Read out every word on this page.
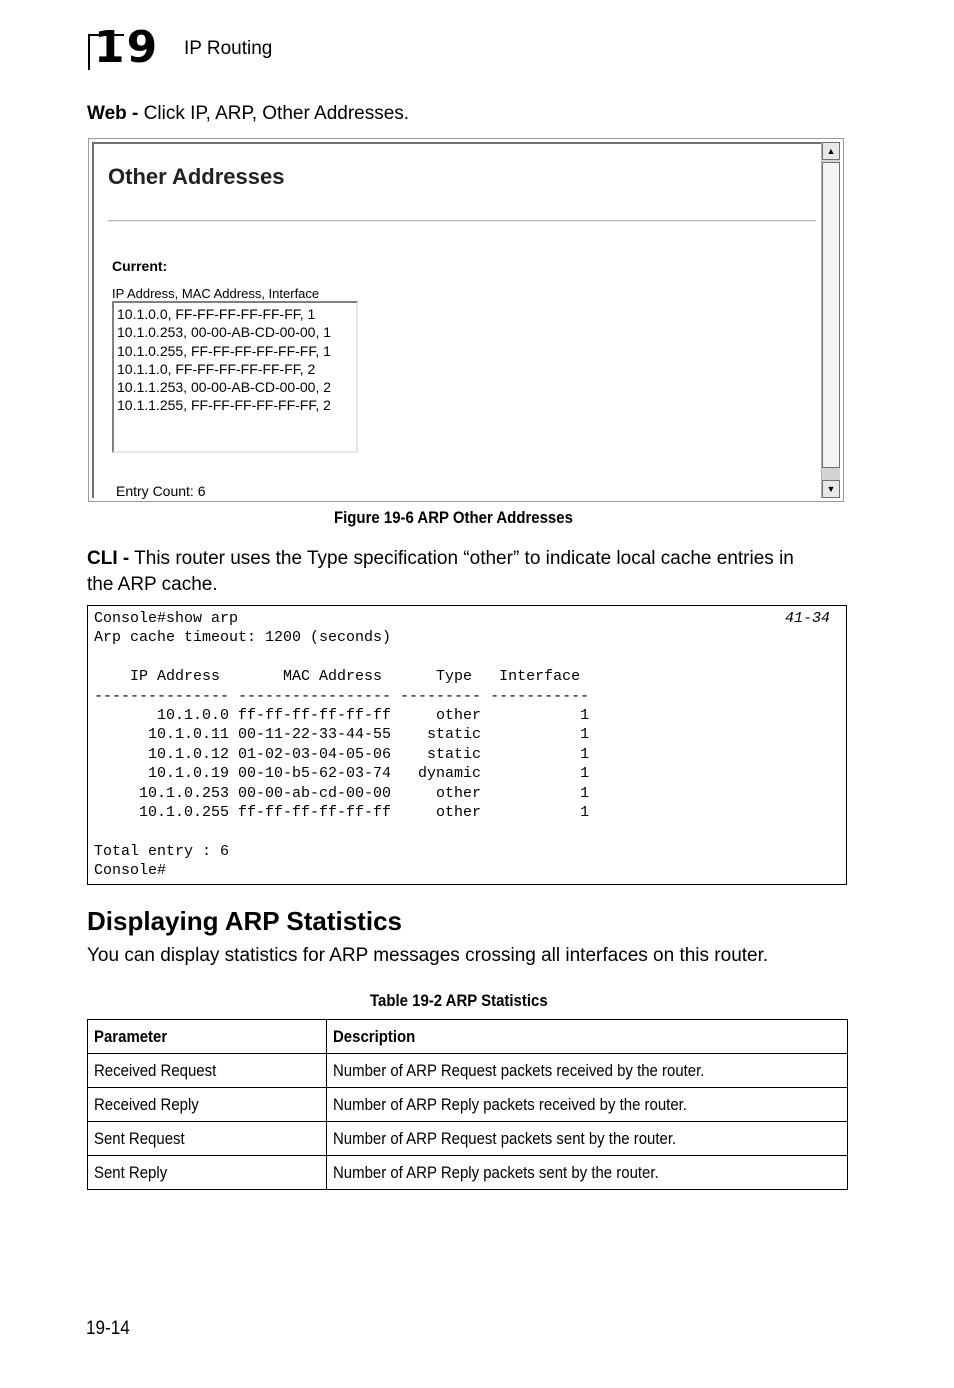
19 IP Routing
Web - Click IP, ARP, Other Addresses.
Other Addresses
Current:
IP Address, MAC Address, Interface
10.1.0.0, FF-FF-FF-FF-FF-FF, 1
10.1.0.253, 00-00-AB-CD-00-00, 1
10.1.0.255, FF-FF-FF-FF-FF-FF, 1
10.1.1.0, FF-FF-FF-FF-FF-FF, 2
10.1.1.253, 00-00-AB-CD-00-00, 2
10.1.1.255, FF-FF-FF-FF-FF-FF, 2
Entry Count: 6
▲
▼
Figure 19-6 ARP Other Addresses
CLI - This router uses the Type specification “other” to indicate local cache entries in
the ARP cache.
Console#show arp
Arp cache timeout: 1200 (seconds)
IP Address       MAC Address      Type   Interface
--------------- ----------------- --------- -----------
10.1.0.0 ff-ff-ff-ff-ff-ff     other           1
10.1.0.11 00-11-22-33-44-55    static           1
10.1.0.12 01-02-03-04-05-06    static           1
10.1.0.19 00-10-b5-62-03-74   dynamic           1
10.1.0.253 00-00-ab-cd-00-00     other           1
10.1.0.255 ff-ff-ff-ff-ff-ff     other           1
Total entry : 6
Console#
41-34
Displaying ARP Statistics
You can display statistics for ARP messages crossing all interfaces on this router.
Table 19-2 ARP Statistics
Parameter	Description
Received Request	Number of ARP Request packets received by the router.
Received Reply	Number of ARP Reply packets received by the router.
Sent Request	Number of ARP Request packets sent by the router.
Sent Reply	Number of ARP Reply packets sent by the router.
19-14
